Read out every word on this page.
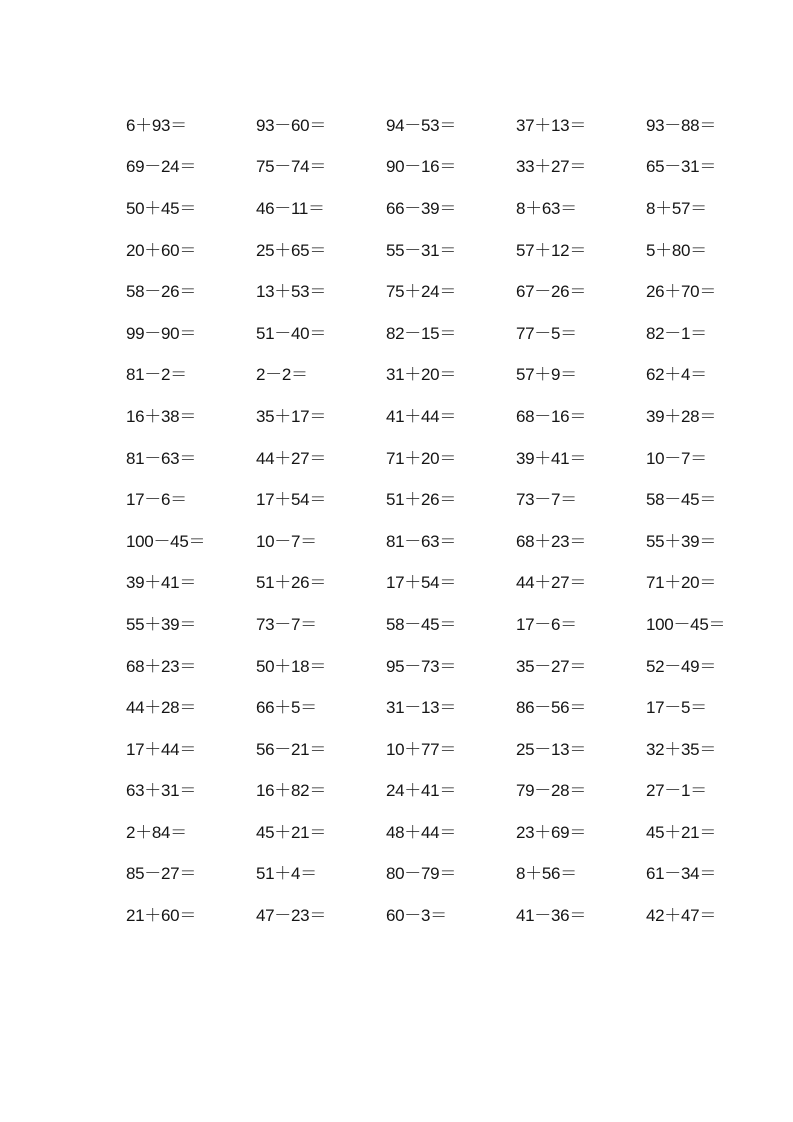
6＋93＝	93－60＝	94－53＝	37＋13＝	93－88＝
69－24＝	75－74＝	90－16＝	33＋27＝	65－31＝
50＋45＝	46－11＝	66－39＝	8＋63＝	8＋57＝
20＋60＝	25＋65＝	55－31＝	57＋12＝	5＋80＝
58－26＝	13＋53＝	75＋24＝	67－26＝	26＋70＝
99－90＝	51－40＝	82－15＝	77－5＝	82－1＝
81－2＝	2－2＝	31＋20＝	57＋9＝	62＋4＝
16＋38＝	35＋17＝	41＋44＝	68－16＝	39＋28＝
81－63＝	44＋27＝	71＋20＝	39＋41＝	10－7＝
17－6＝	17＋54＝	51＋26＝	73－7＝	58－45＝
100－45＝	10－7＝	81－63＝	68＋23＝	55＋39＝
39＋41＝	51＋26＝	17＋54＝	44＋27＝	71＋20＝
55＋39＝	73－7＝	58－45＝	17－6＝	100－45＝
68＋23＝	50＋18＝	95－73＝	35－27＝	52－49＝
44＋28＝	66＋5＝	31－13＝	86－56＝	17－5＝
17＋44＝	56－21＝	10＋77＝	25－13＝	32＋35＝
63＋31＝	16＋82＝	24＋41＝	79－28＝	27－1＝
2＋84＝	45＋21＝	48＋44＝	23＋69＝	45＋21＝
85－27＝	51＋4＝	80－79＝	8＋56＝	61－34＝
21＋60＝	47－23＝	60－3＝	41－36＝	42＋47＝
